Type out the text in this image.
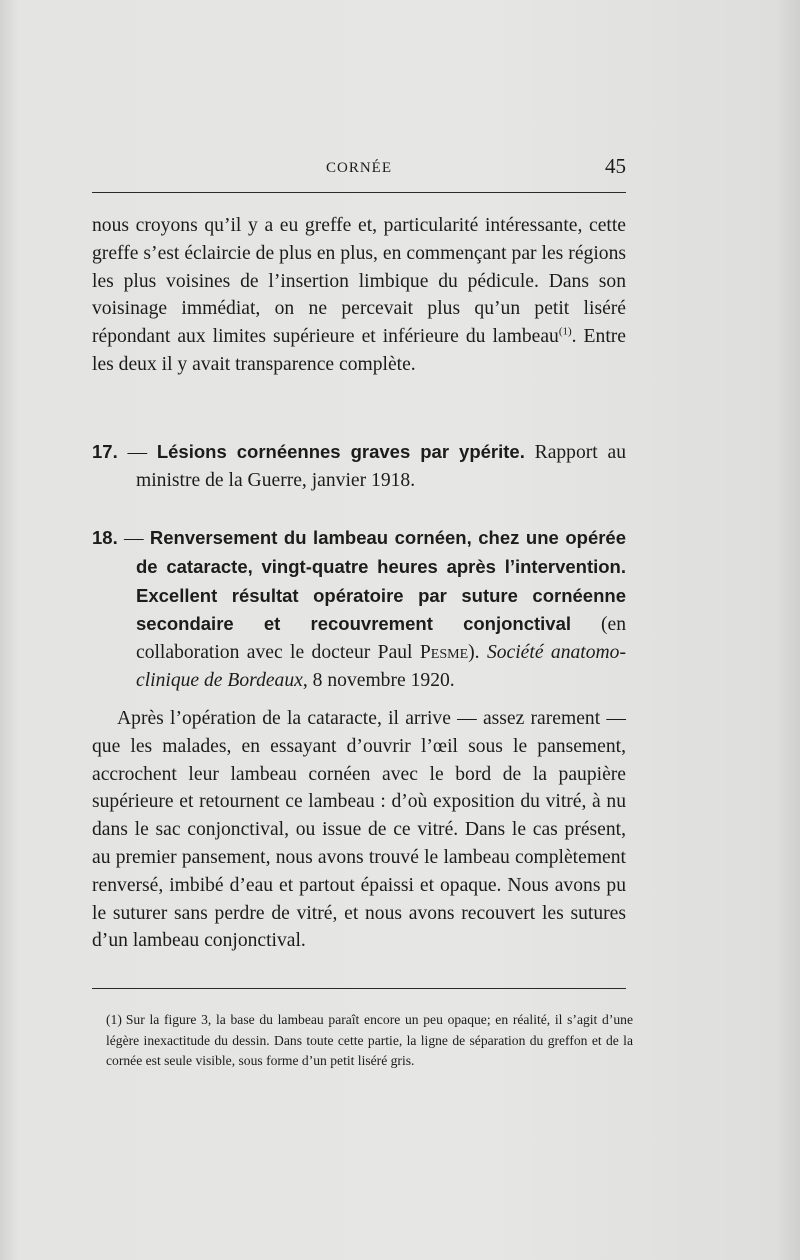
CORNÉE	45
nous croyons qu’il y a eu greffe et, particularité intéressante, cette greffe s’est éclaircie de plus en plus, en commençant par les régions les plus voisines de l’insertion limbique du pédicule. Dans son voisinage immédiat, on ne percevait plus qu’un petit liséré répondant aux limites supérieure et inférieure du lambeau$^{(1)}$. Entre les deux il y avait transparence complète.
17. — Lésions cornéennes graves par ypérite. Rapport au ministre de la Guerre, janvier 1918.
18. — Renversement du lambeau cornéen, chez une opérée de cataracte, vingt-quatre heures après l’intervention. Excellent résultat opératoire par suture cornéenne secondaire et recouvrement conjonctival (en collaboration avec le docteur Paul Pesme). Société anatomo-clinique de Bordeaux, 8 novembre 1920.
Après l’opération de la cataracte, il arrive — assez rarement — que les malades, en essayant d’ouvrir l’œil sous le pansement, accrochent leur lambeau cornéen avec le bord de la paupière supérieure et retournent ce lambeau : d’où exposition du vitré, à nu dans le sac conjonctival, ou issue de ce vitré. Dans le cas présent, au premier pansement, nous avons trouvé le lambeau complètement renversé, imbibé d’eau et partout épaissi et opaque. Nous avons pu le suturer sans perdre de vitré, et nous avons recouvert les sutures d’un lambeau conjonctival.
(1) Sur la figure 3, la base du lambeau paraît encore un peu opaque; en réalité, il s’agit d’une légère inexactitude du dessin. Dans toute cette partie, la ligne de séparation du greffon et de la cornée est seule visible, sous forme d’un petit liséré gris.
